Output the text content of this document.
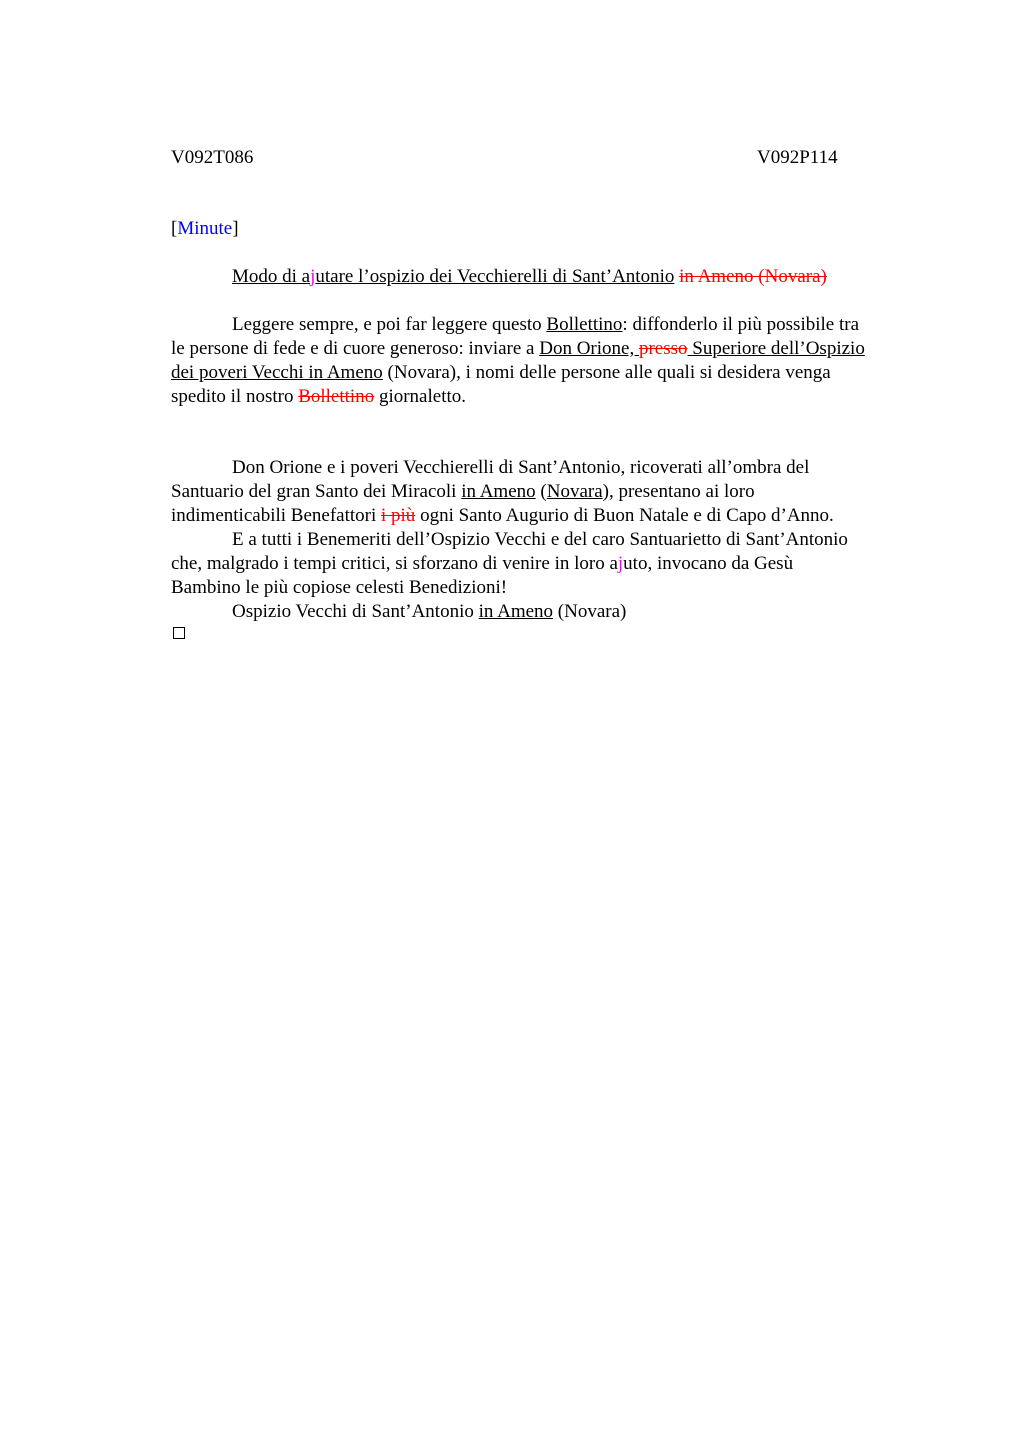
V092T086	V092P114
[Minute]
Modo di ajutare l’ospizio dei Vecchierelli di Sant’Antonio in Ameno (Novara)
Leggere sempre, e poi far leggere questo Bollettino: diffonderlo il più possibile tra
le persone di fede e di cuore generoso: inviare a Don Orione, presso Superiore dell’Ospizio
dei poveri Vecchi in Ameno (Novara), i nomi delle persone alle quali si desidera venga
spedito il nostro Bollettino giornaletto.
Don Orione e i poveri Vecchierelli di Sant’Antonio, ricoverati all’ombra del
Santuario del gran Santo dei Miracoli in Ameno (Novara), presentano ai loro
indimenticabili Benefattori i più ogni Santo Augurio di Buon Natale e di Capo d’Anno.
E a tutti i Benemeriti dell’Ospizio Vecchi e del caro Santuarietto di Sant’Antonio
che, malgrado i tempi critici, si sforzano di venire in loro ajuto, invocano da Gesù
Bambino le più copiose celesti Benedizioni!
Ospizio Vecchi di Sant’Antonio in Ameno (Novara)
